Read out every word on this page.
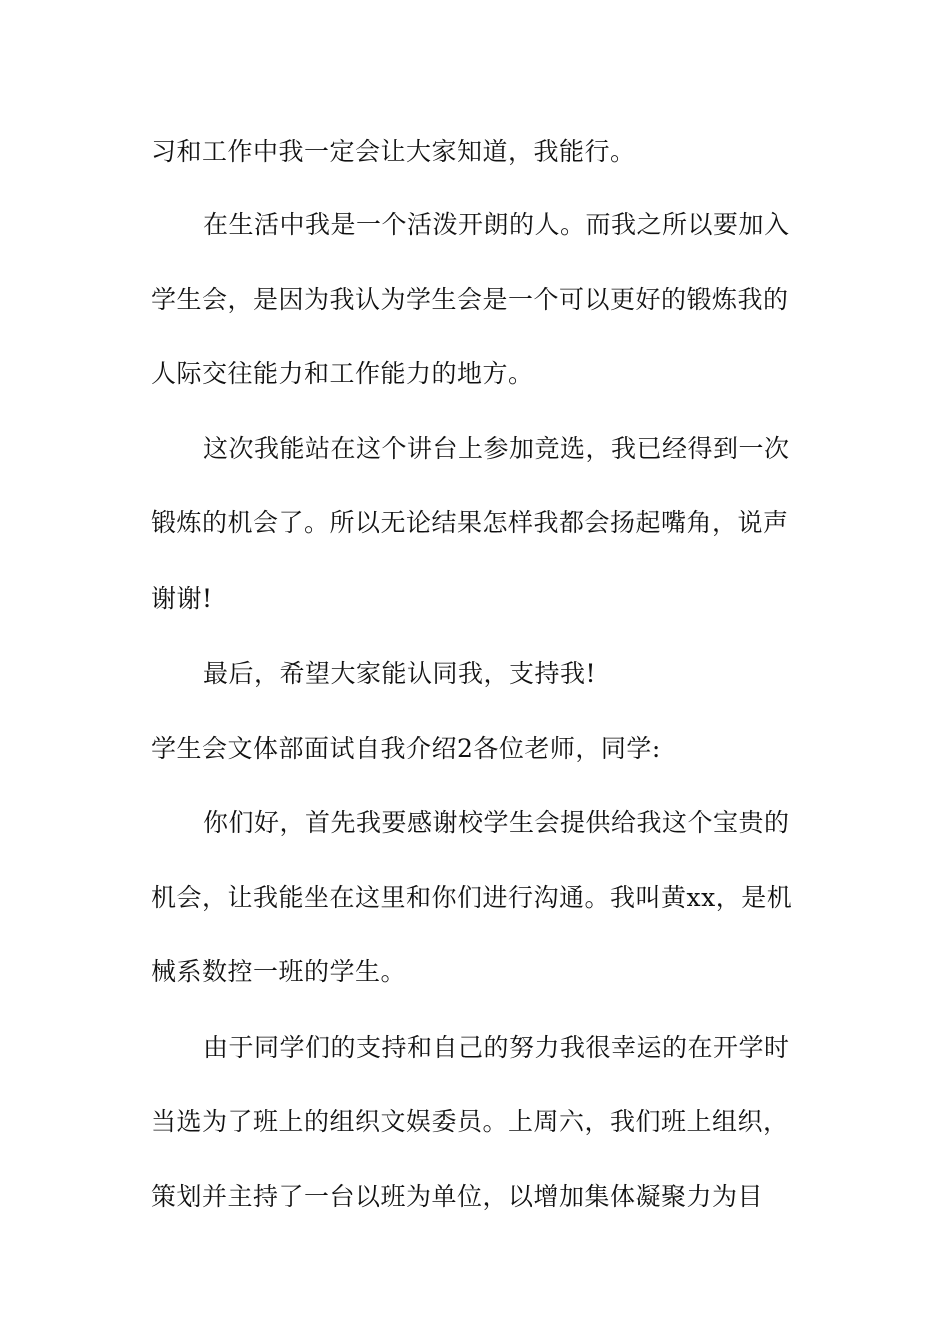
习和工作中我一定会让大家知道，我能行。
在生活中我是一个活泼开朗的人。而我之所以要加入
学生会，是因为我认为学生会是一个可以更好的锻炼我的
人际交往能力和工作能力的地方。
这次我能站在这个讲台上参加竞选，我已经得到一次
锻炼的机会了。所以无论结果怎样我都会扬起嘴角，说声
谢谢!
最后，希望大家能认同我，支持我!
学生会文体部面试自我介绍2各位老师，同学:
你们好，首先我要感谢校学生会提供给我这个宝贵的
机会，让我能坐在这里和你们进行沟通。我叫黄xx，是机
械系数控一班的学生。
由于同学们的支持和自己的努力我很幸运的在开学时
当选为了班上的组织文娱委员。上周六，我们班上组织，
策划并主持了一台以班为单位，以增加集体凝聚力为目
